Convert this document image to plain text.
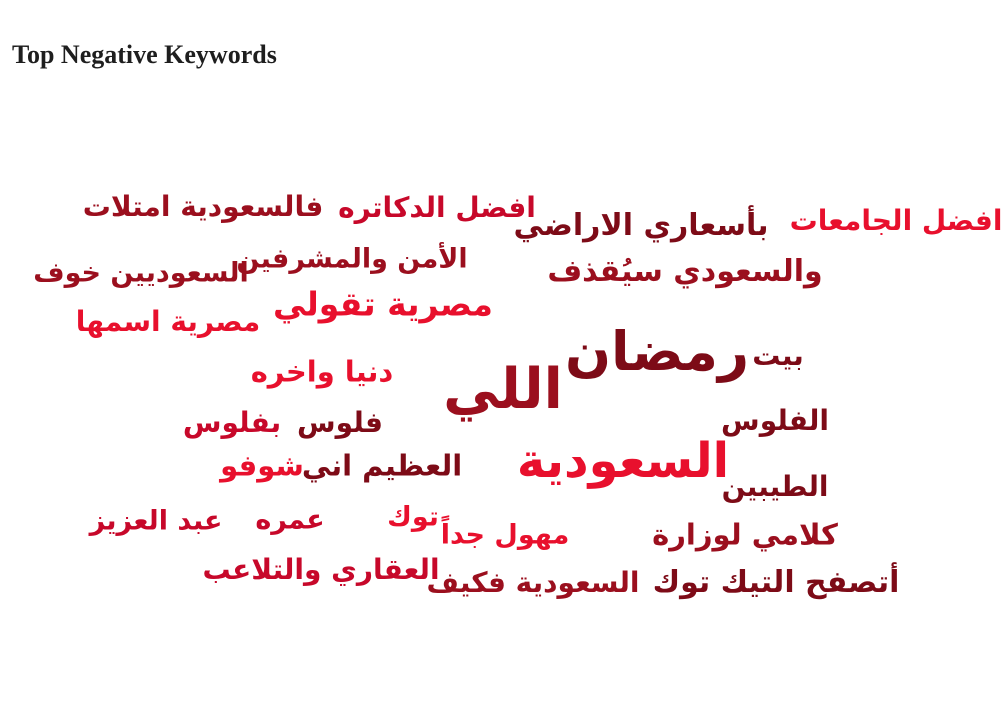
Top Negative Keywords
فالسعودية امتلات افضل الدكاتره
بأسعاري الاراضي افضل الجامعات
الأمن والمشرفين
السعوديين خوف	والسعودي سيُقذف
مصرية تقولي
مصرية اسمها	رمضان بيت
اللي
دنيا واخره
فلوس
بفلوس	الفلوس
السعودية
العظيم اني
شوفو
الطيبين
عمره
عبد العزيز	توك
مهول جداً	كلامي لوزارة
العقاري والتلاعب
السعودية فكيف أتصفح التيك توك
